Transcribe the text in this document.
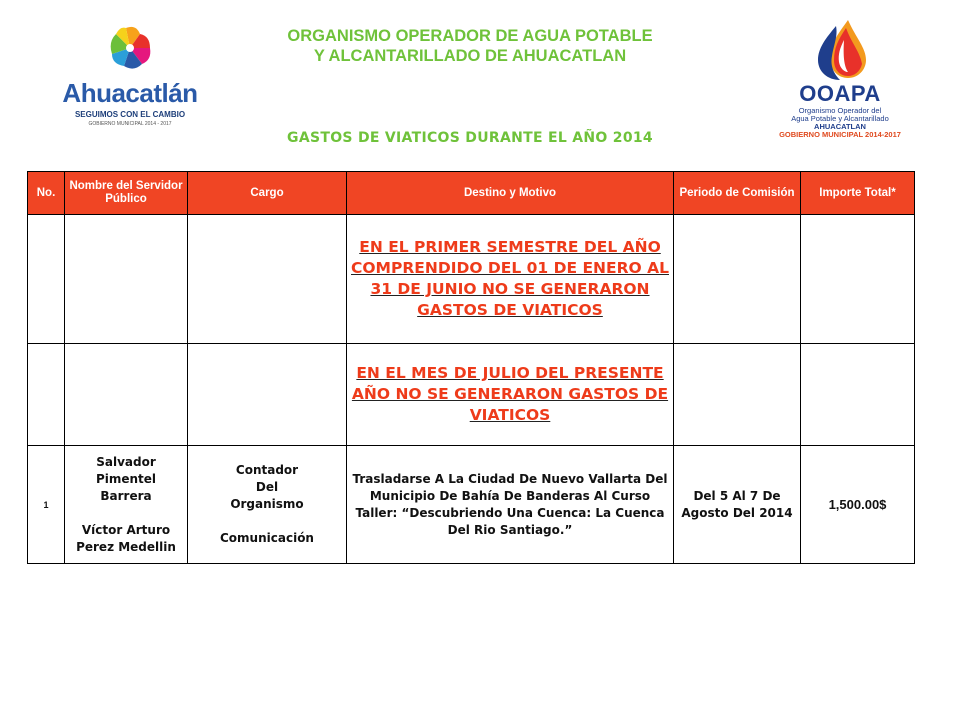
Ahuacatlán
SEGUIMOS CON EL CAMBIO
GOBIERNO MUNICIPAL 2014 - 2017
ORGANISMO OPERADOR DE AGUA POTABLE
Y ALCANTARILLADO DE AHUACATLAN
GASTOS DE VIATICOS DURANTE EL AÑO 2014
OOAPA
Organismo Operador del
Agua Potable y Alcantarillado
AHUACATLAN
GOBIERNO MUNICIPAL 2014-2017
No.	Nombre del Servidor Público	Cargo	Destino y Motivo	Periodo de Comisión	Importe Total*
			EN EL PRIMER SEMESTRE DEL AÑO COMPRENDIDO DEL 01 DE ENERO AL 31 DE JUNIO NO SE GENERARON GASTOS DE VIATICOS		
			EN EL MES DE JULIO DEL PRESENTE AÑO NO SE GENERARON GASTOS DE VIATICOS		
1	Salvador
Pimentel
Barrera
Víctor Arturo
Perez Medellin	Contador
Del
Organismo
Comunicación	Trasladarse A La Ciudad De Nuevo Vallarta Del Municipio De Bahía De Banderas Al Curso Taller: “Descubriendo Una Cuenca: La Cuenca Del Rio Santiago.”	Del 5 Al 7 De Agosto Del 2014	1,500.00$
